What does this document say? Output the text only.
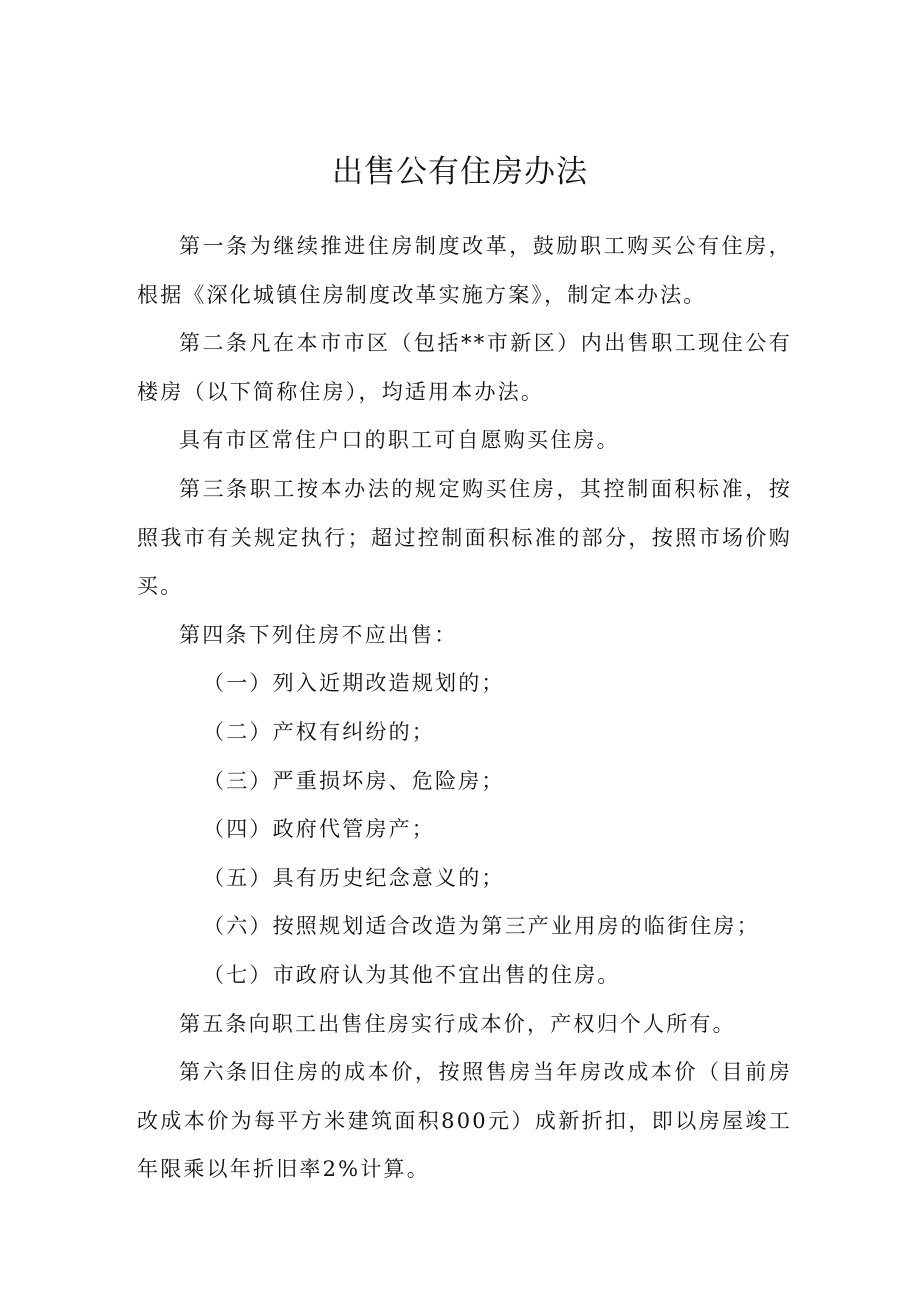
出售公有住房办法

第一条为继续推进住房制度改革，鼓励职工购买公有住房，根据《深化城镇住房制度改革实施方案》，制定本办法。

第二条凡在本市市区（包括**市新区）内出售职工现住公有楼房（以下简称住房），均适用本办法。

具有市区常住户口的职工可自愿购买住房。

第三条职工按本办法的规定购买住房，其控制面积标准，按照我市有关规定执行；超过控制面积标准的部分，按照市场价购买。

第四条下列住房不应出售：

（一）列入近期改造规划的；

（二）产权有纠纷的；

（三）严重损坏房、危险房；

（四）政府代管房产；

（五）具有历史纪念意义的；

（六）按照规划适合改造为第三产业用房的临街住房；

（七）市政府认为其他不宜出售的住房。

第五条向职工出售住房实行成本价，产权归个人所有。

第六条旧住房的成本价，按照售房当年房改成本价（目前房改成本价为每平方米建筑面积800元）成新折扣，即以房屋竣工年限乘以年折旧率2%计算。
